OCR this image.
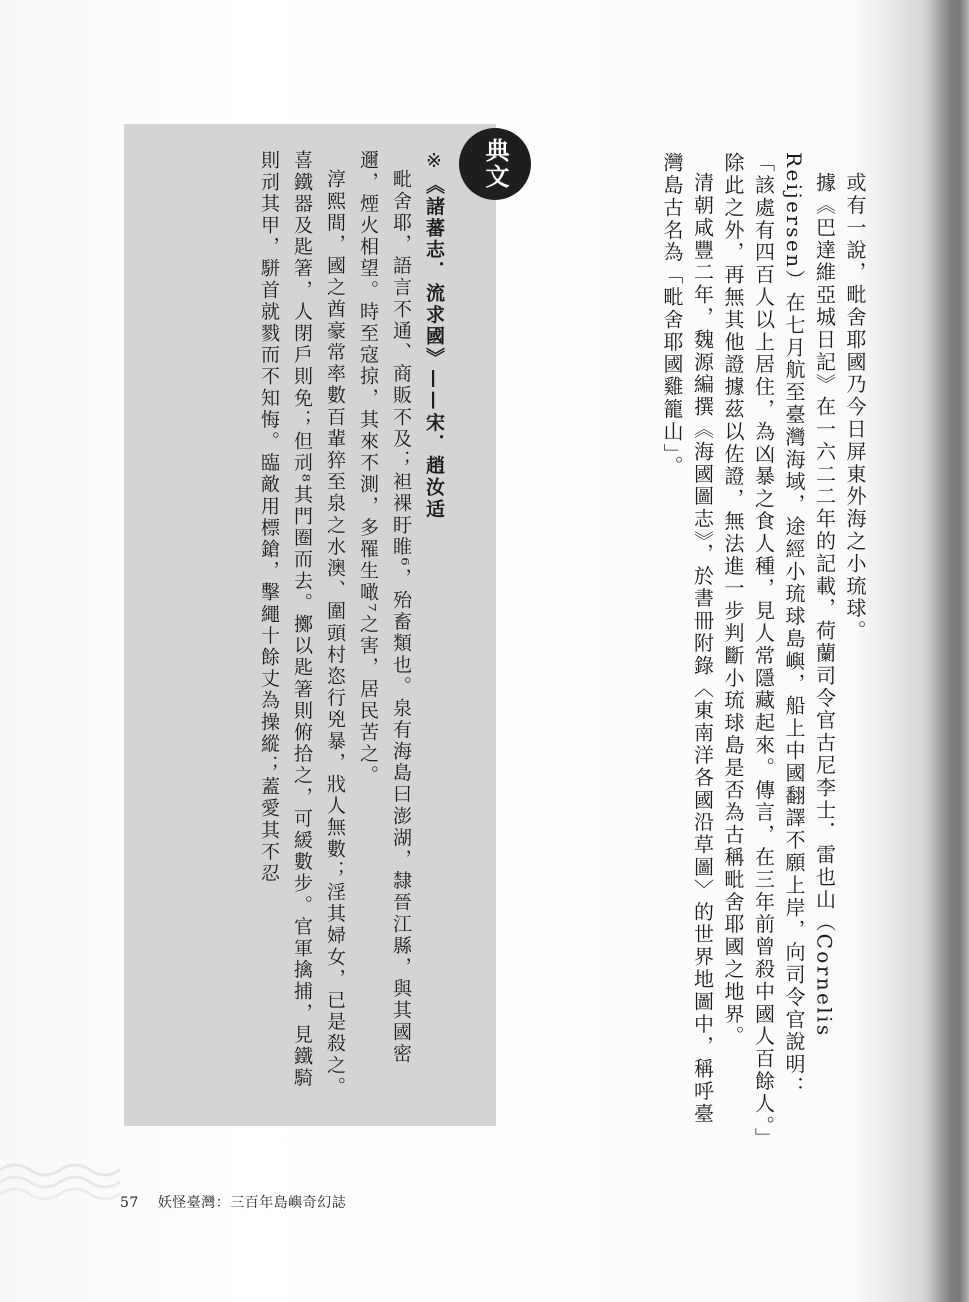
或有一說，毗舍耶國乃今日屏東外海之小琉球。

據《巴達維亞城日記》在一六二二年的記載，荷蘭司令官古尼李士．雷也山（Cornelis Reijersen）在七月航至臺灣海域，途經小琉球島嶼，船上中國翻譯不願上岸，向司令官說明：「該處有四百人以上居住，為凶暴之食人種，見人常隱藏起來。傳言，在三年前曾殺中國人百餘人。」除此之外，再無其他證據茲以佐證，無法進一步判斷小琉球島是否為古稱毗舍耶國之地界。

清朝咸豐二年，魏源編撰《海國圖志》，於書冊附錄〈東南洋各國沿草圖〉的世界地圖中，稱呼臺灣島古名為「毗舍耶國雞籠山」。

典文

※《諸蕃志．流求國》——宋．趙汝适

毗舍耶，語言不通、商販不及；袒裸盱睢⁶，殆畜類也。泉有海島曰澎湖，隸晉江縣，與其國密邇，煙火相望。時至寇掠，其來不測，多罹生噉⁷之害，居民苦之。

淳熙間，國之酋豪常率數百輩猝至泉之水澳、圍頭村恣行兇暴，戕人無數；淫其婦女，已是殺之。喜鐵器及匙箸，人閉戶則免；但刓⁸其門圈而去。擲以匙箸則俯拾之，可緩數步。官軍擒捕，見鐵騎則刓其甲，駢首就戮而不知悔。臨敵用標鎗，擊繩十餘丈為操縱；蓋愛其不忍

57 妖怪臺灣：三百年島嶼奇幻誌
